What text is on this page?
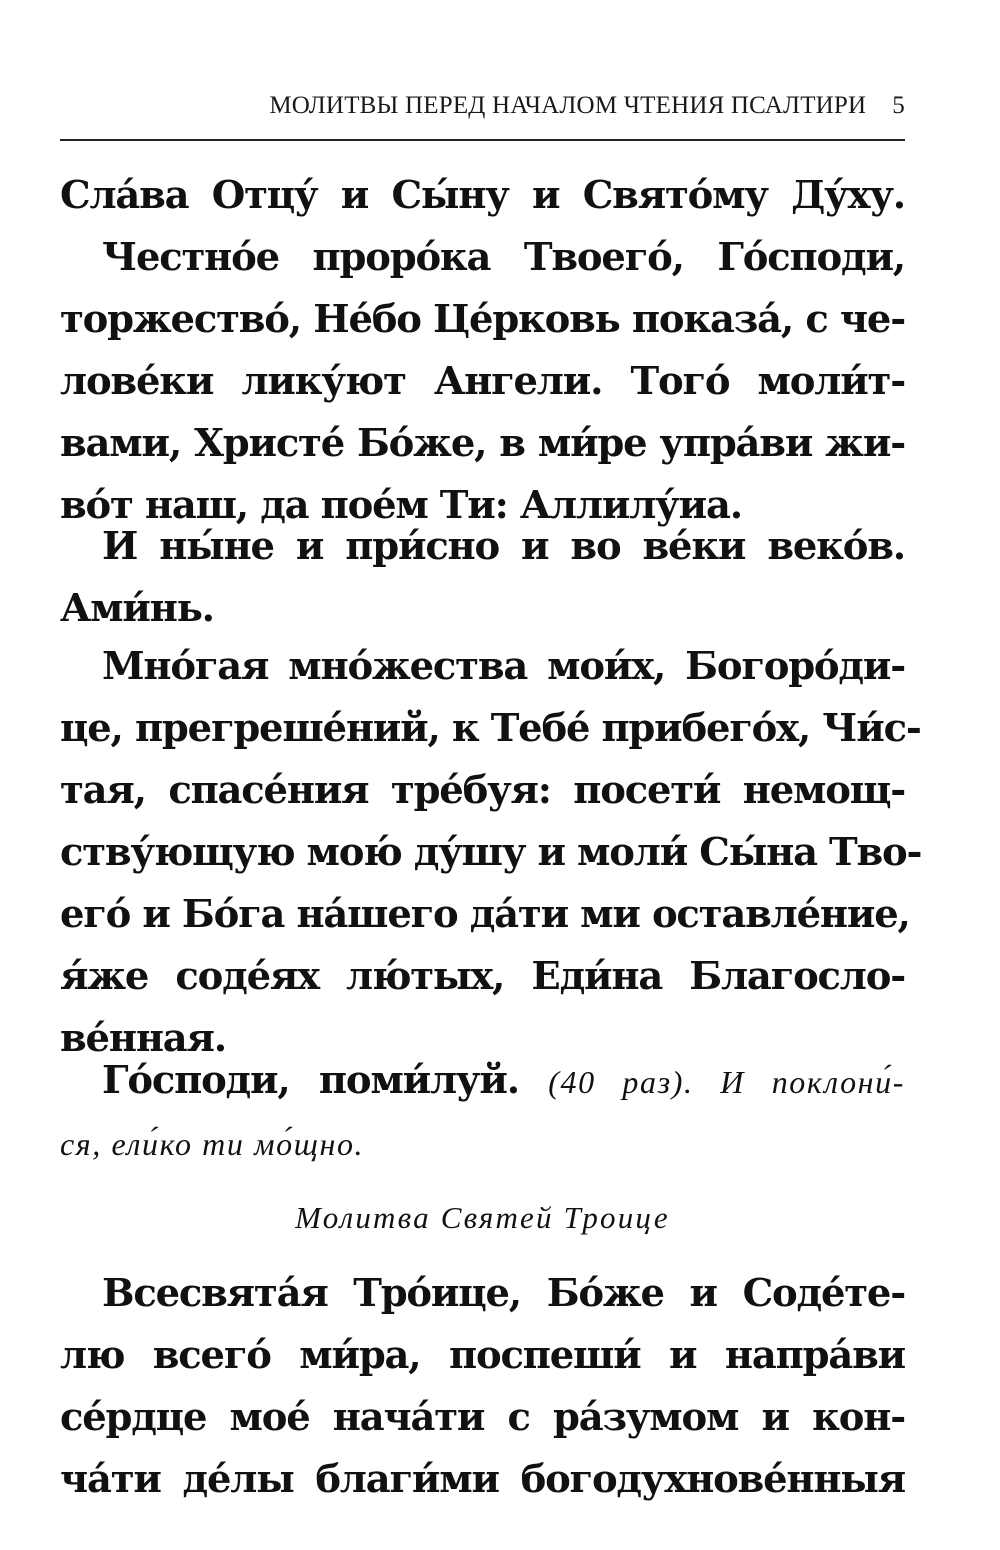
МОЛИТВЫ ПЕРЕД НАЧАЛОМ ЧТЕНИЯ ПСАЛТИРИ 5
Сла́ва Отцу́ и Сы́ну и Свято́му Ду́ху.
Честно́е проро́ка Твоего́, Го́споди,
торжество́, Не́бо Це́рковь показа́, с че-
лове́ки лику́ют Ангели. Того́ моли́т-
вами, Христе́ Бо́же, в ми́ре упра́ви жи-
во́т наш, да пое́м Ти: Аллилу́иа.
И ны́не и при́сно и во ве́ки веко́в.
Ами́нь.
Мно́гая мно́жества мои́х, Богоро́ди-
це, прегреше́ний, к Тебе́ прибего́х, Чи́с-
тая, спасе́ния тре́буя: посети́ немощ-
ству́ющую мою́ ду́шу и моли́ Сы́на Тво-
его́ и Бо́га на́шего да́ти ми оставле́ние,
я́же соде́ях лю́тых, Еди́на Благосло-
ве́нная.
Го́споди, поми́луй. (40 раз). И поклони́-
ся, ели́ко ти мо́щно.
Молитва Святей Троице
Всесвята́я Тро́ице, Бо́же и Соде́те-
лю всего́ ми́ра, поспеши́ и напра́ви
се́рдце мое́ нача́ти с ра́зумом и кон-
ча́ти де́лы благи́ми богодухнове́нныя
